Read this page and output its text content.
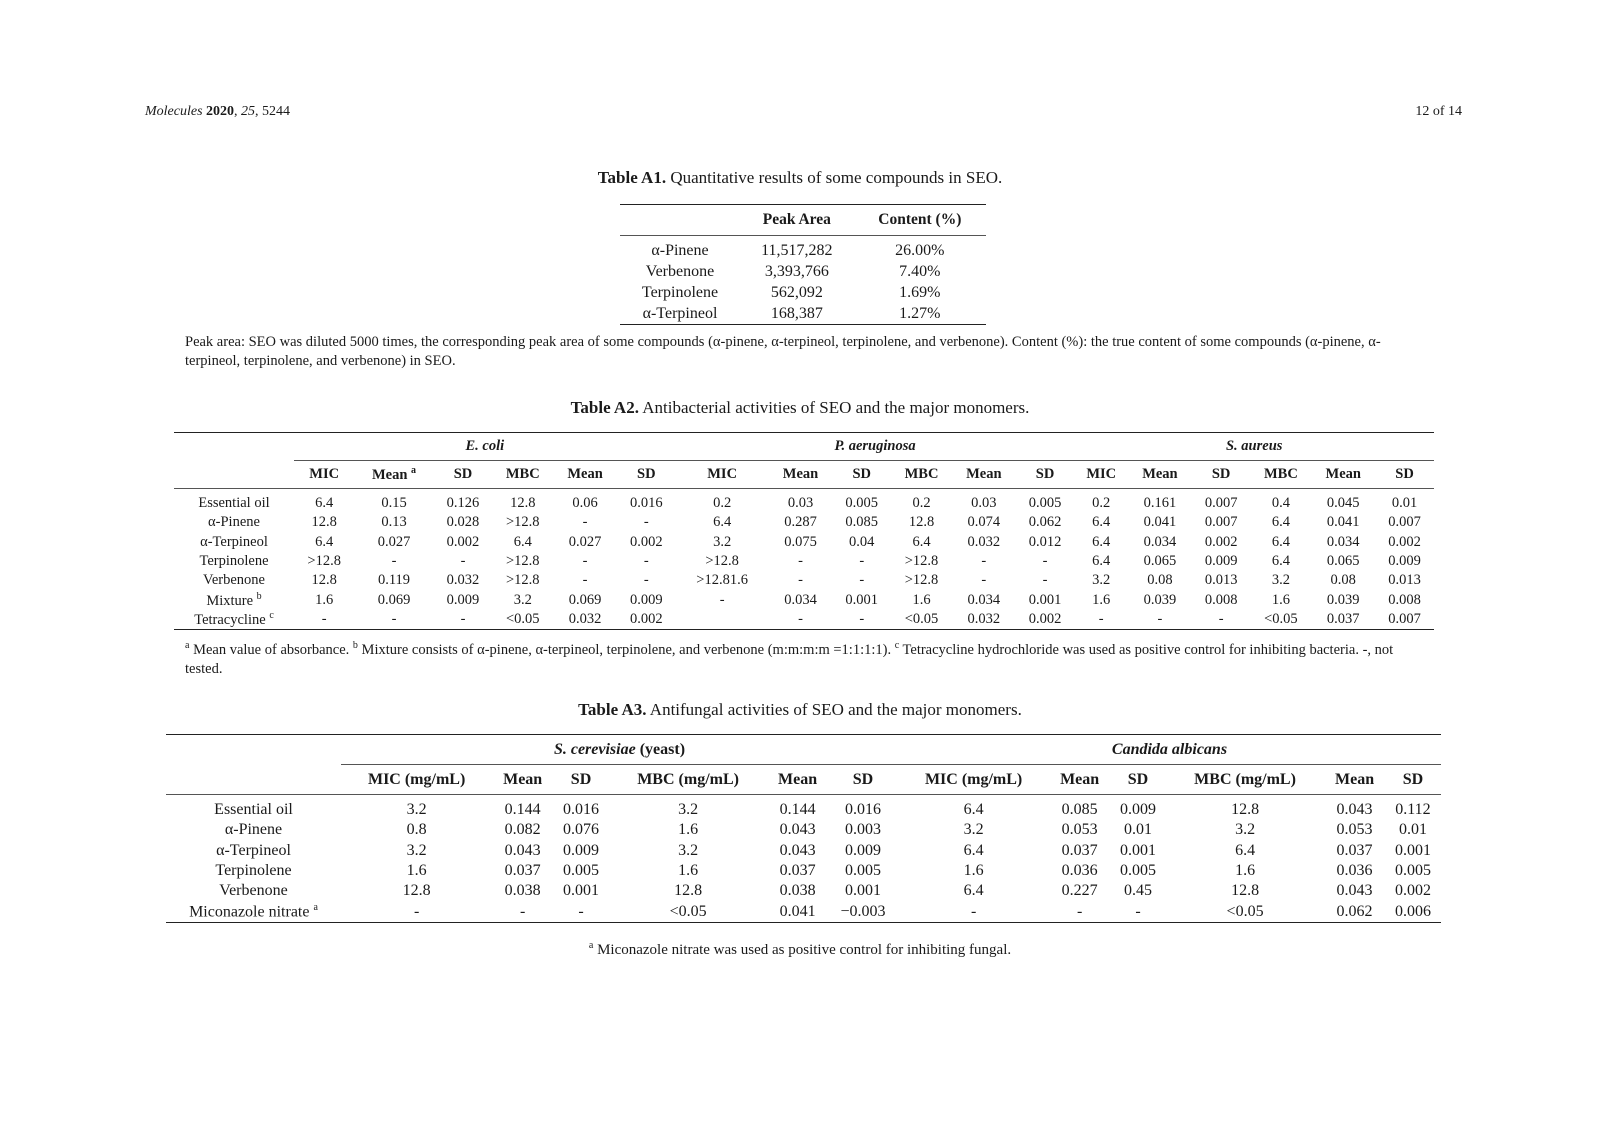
Molecules 2020, 25, 5244	12 of 14
Table A1. Quantitative results of some compounds in SEO.
	Peak Area	Content (%)
α-Pinene	11,517,282	26.00%
Verbenone	3,393,766	7.40%
Terpinolene	562,092	1.69%
α-Terpineol	168,387	1.27%
Peak area: SEO was diluted 5000 times, the corresponding peak area of some compounds (α-pinene, α-terpineol, terpinolene, and verbenone). Content (%): the true content of some compounds (α-pinene, α-terpineol, terpinolene, and verbenone) in SEO.
Table A2. Antibacterial activities of SEO and the major monomers.
	E. coli						P. aeruginosa						S. aureus					
	MIC	Mean $^a$	SD	MBC	Mean	SD	MIC	Mean	SD	MBC	Mean	SD	MIC	Mean	SD	MBC	Mean	SD
Essential oil	6.4	0.15	0.126	12.8	0.06	0.016	0.2	0.03	0.005	0.2	0.03	0.005	0.2	0.161	0.007	0.4	0.045	0.01
α-Pinene	12.8	0.13	0.028	>12.8	-	-	6.4	0.287	0.085	12.8	0.074	0.062	6.4	0.041	0.007	6.4	0.041	0.007
α-Terpineol	6.4	0.027	0.002	6.4	0.027	0.002	3.2	0.075	0.04	6.4	0.032	0.012	6.4	0.034	0.002	6.4	0.034	0.002
Terpinolene	>12.8	-	-	>12.8	-	-	>12.8	-	-	>12.8	-	-	6.4	0.065	0.009	6.4	0.065	0.009
Verbenone	12.8	0.119	0.032	>12.8	-	-	>12.81.6	-	-	>12.8	-	-	3.2	0.08	0.013	3.2	0.08	0.013
Mixture $^b$	1.6	0.069	0.009	3.2	0.069	0.009	-	0.034	0.001	1.6	0.034	0.001	1.6	0.039	0.008	1.6	0.039	0.008
Tetracycline $^c$	-	-	-	<0.05	0.032	0.002		-	-	<0.05	0.032	0.002	-	-	-	<0.05	0.037	0.007
$^a$ Mean value of absorbance. $^b$ Mixture consists of α-pinene, α-terpineol, terpinolene, and verbenone (m:m:m:m =1:1:1:1). $^c$ Tetracycline hydrochloride was used as positive control for inhibiting bacteria. -, not tested.
Table A3. Antifungal activities of SEO and the major monomers.
	S. cerevisiae (yeast)						Candida albicans					
	MIC (mg/mL)	Mean	SD	MBC (mg/mL)	Mean	SD	MIC (mg/mL)	Mean	SD	MBC (mg/mL)	Mean	SD
Essential oil	3.2	0.144	0.016	3.2	0.144	0.016	6.4	0.085	0.009	12.8	0.043	0.112
α-Pinene	0.8	0.082	0.076	1.6	0.043	0.003	3.2	0.053	0.01	3.2	0.053	0.01
α-Terpineol	3.2	0.043	0.009	3.2	0.043	0.009	6.4	0.037	0.001	6.4	0.037	0.001
Terpinolene	1.6	0.037	0.005	1.6	0.037	0.005	1.6	0.036	0.005	1.6	0.036	0.005
Verbenone	12.8	0.038	0.001	12.8	0.038	0.001	6.4	0.227	0.45	12.8	0.043	0.002
Miconazole nitrate $^a$	-	-	-	<0.05	0.041	−0.003	-	-	-	<0.05	0.062	0.006
$^a$ Miconazole nitrate was used as positive control for inhibiting fungal.
